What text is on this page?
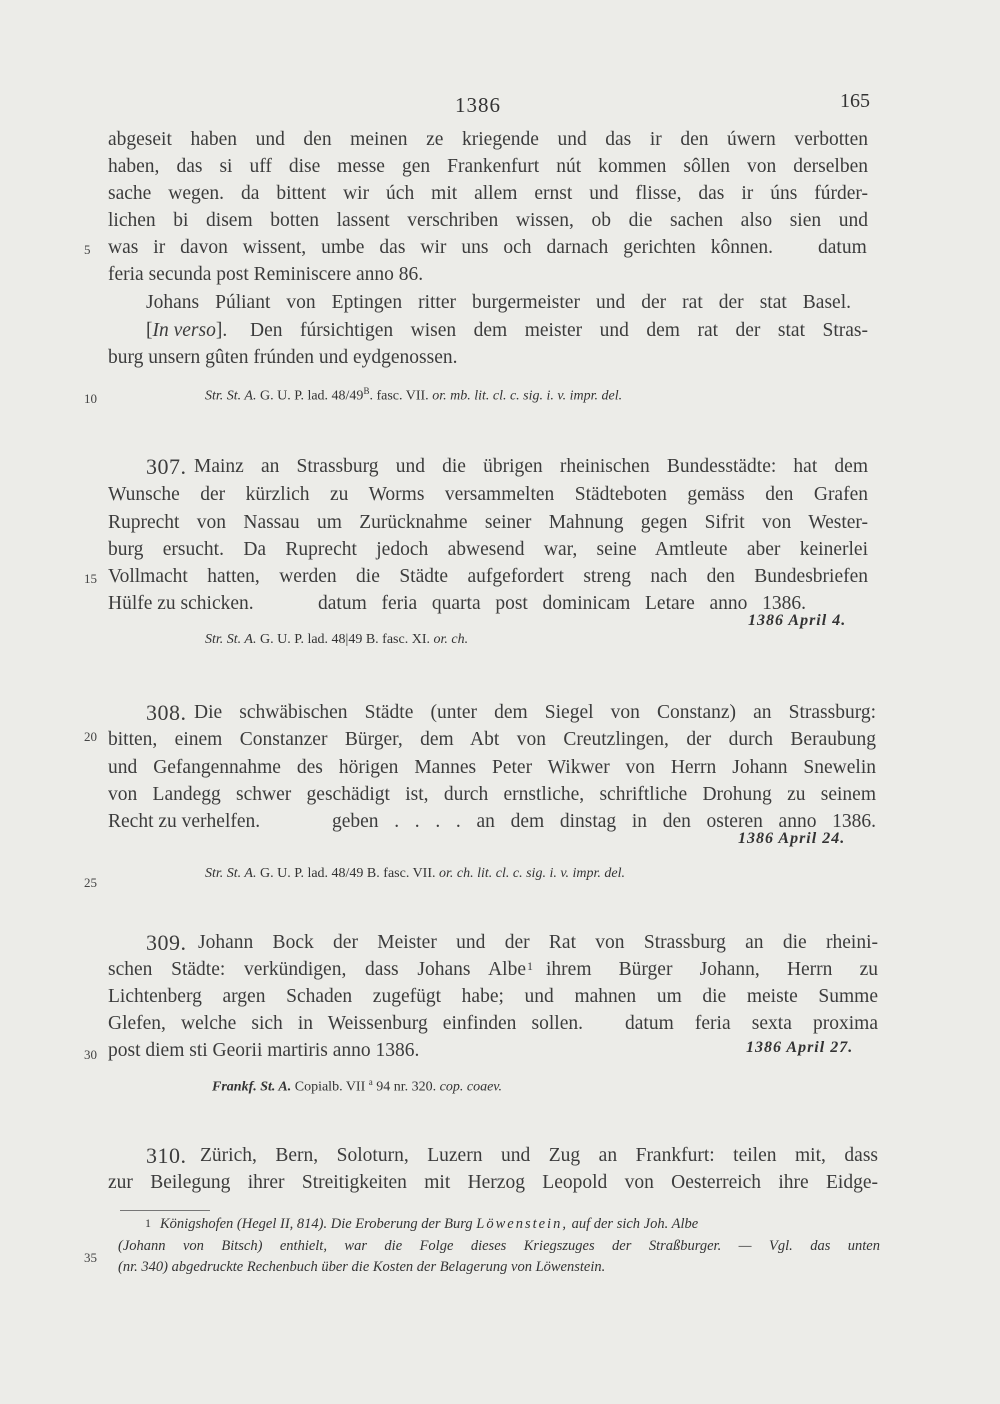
1386	165
5
10
15
20
25
30
35
abgeseit haben und den meinen ze kriegende und das ir den úwern verbotten
haben, das si uff dise messe gen Frankenfurt nút kommen sôllen von derselben
sache wegen. da bittent wir úch mit allem ernst und flisse, das ir úns fúrder-
lichen bi disem botten lassent verschriben wissen, ob die sachen also sien und
was ir davon wissent, umbe das wir uns och darnach gerichten kônnen. datum
feria secunda post Reminiscere anno 86.
Johans Púliant von Eptingen ritter burgermeister und der rat der stat Basel.
[In verso]. Den fúrsichtigen wisen dem meister und dem rat der stat Stras-
burg unsern gûten frúnden und eydgenossen.
Str. St. A. G. U. P. lad. $48/49^B$. fasc. VII. or. mb. lit. cl. c. sig. i. v. impr. del.
307. Mainz an Strassburg und die übrigen rheinischen Bundesstädte: hat dem
Wunsche der kürzlich zu Worms versammelten Städteboten gemäss den Grafen
Ruprecht von Nassau um Zurücknahme seiner Mahnung gegen Sifrit von Wester-
burg ersucht. Da Ruprecht jedoch abwesend war, seine Amtleute aber keinerlei
Vollmacht hatten, werden die Städte aufgefordert streng nach den Bundesbriefen
Hülfe zu schicken.	datum feria quarta post dominicam Letare anno 1386.
1386 April 4.
Str. St. A. G. U. P. lad. 48|49 B. fasc. XI. or. ch.
308. Die schwäbischen Städte (unter dem Siegel von Constanz) an Strassburg:
bitten, einem Constanzer Bürger, dem Abt von Creutzlingen, der durch Beraubung
und Gefangennahme des hörigen Mannes Peter Wikwer von Herrn Johann Snewelin
von Landegg schwer geschädigt ist, durch ernstliche, schriftliche Drohung zu seinem
Recht zu verhelfen.	geben . . . . an dem dinstag in den osteren anno 1386.
1386 April 24.
Str. St. A. G. U. P. lad. 48/49 B. fasc. VII. or. ch. lit. cl. c. sig. i. v. impr. del.
309. Johann Bock der Meister und der Rat von Strassburg an die rheini-
schen Städte: verkündigen, dass Johans Albe 1 ihrem Bürger Johann, Herrn zu
Lichtenberg argen Schaden zugefügt habe; und mahnen um die meiste Summe
Glefen, welche sich in Weissenburg einfinden sollen. datum feria sexta proxima
post diem sti Georii martiris anno 1386.	1386 April 27.
Frankf. St. A. Copialb. VII $^a$ 94 nr. 320. cop. coaev.
310. Zürich, Bern, Soloturn, Luzern und Zug an Frankfurt: teilen mit, dass
zur Beilegung ihrer Streitigkeiten mit Herzog Leopold von Oesterreich ihre Eidge-
1 Königshofen (Hegel II, 814). Die Eroberung der Burg Löwenstein, auf der sich Joh. Albe
(Johann von Bitsch) enthielt, war die Folge dieses Kriegszuges der Straßburger. — Vgl. das unten
(nr. 340) abgedruckte Rechenbuch über die Kosten der Belagerung von Löwenstein.
